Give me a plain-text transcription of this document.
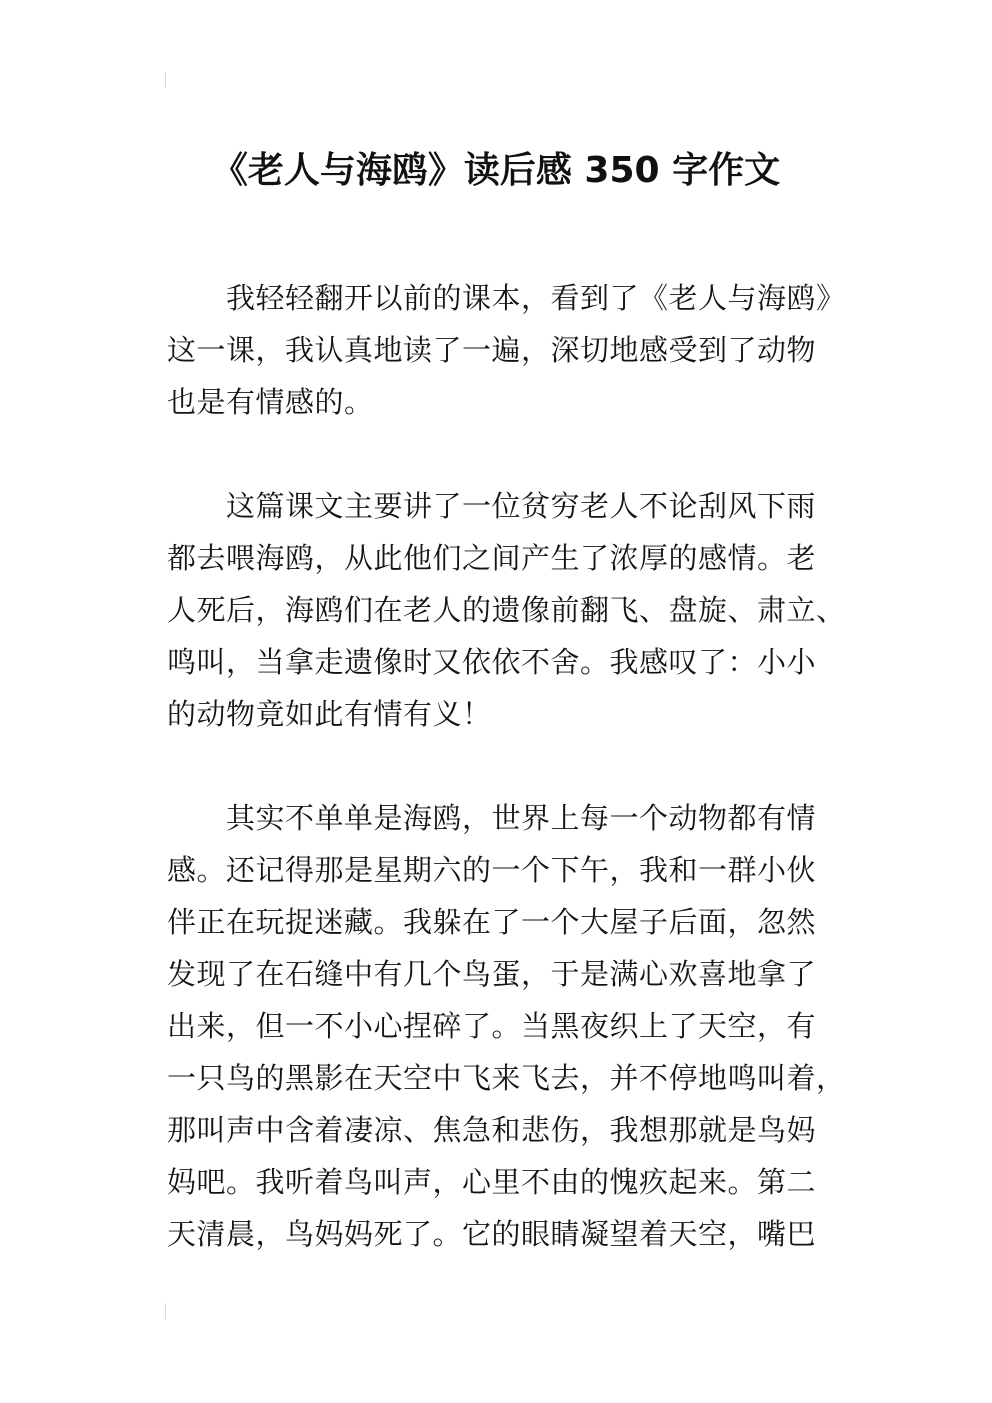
《老人与海鸥》读后感 350 字作文
　　我轻轻翻开以前的课本，看到了《老人与海鸥》
这一课，我认真地读了一遍，深切地感受到了动物
也是有情感的。
　　这篇课文主要讲了一位贫穷老人不论刮风下雨
都去喂海鸥，从此他们之间产生了浓厚的感情。老
人死后，海鸥们在老人的遗像前翻飞、盘旋、肃立、
鸣叫，当拿走遗像时又依依不舍。我感叹了：小小
的动物竟如此有情有义！
　　其实不单单是海鸥，世界上每一个动物都有情
感。还记得那是星期六的一个下午，我和一群小伙
伴正在玩捉迷藏。我躲在了一个大屋子后面，忽然
发现了在石缝中有几个鸟蛋，于是满心欢喜地拿了
出来，但一不小心捏碎了。当黑夜织上了天空，有
一只鸟的黑影在天空中飞来飞去，并不停地鸣叫着，
那叫声中含着凄凉、焦急和悲伤，我想那就是鸟妈
妈吧。我听着鸟叫声，心里不由的愧疚起来。第二
天清晨，鸟妈妈死了。它的眼睛凝望着天空，嘴巴
